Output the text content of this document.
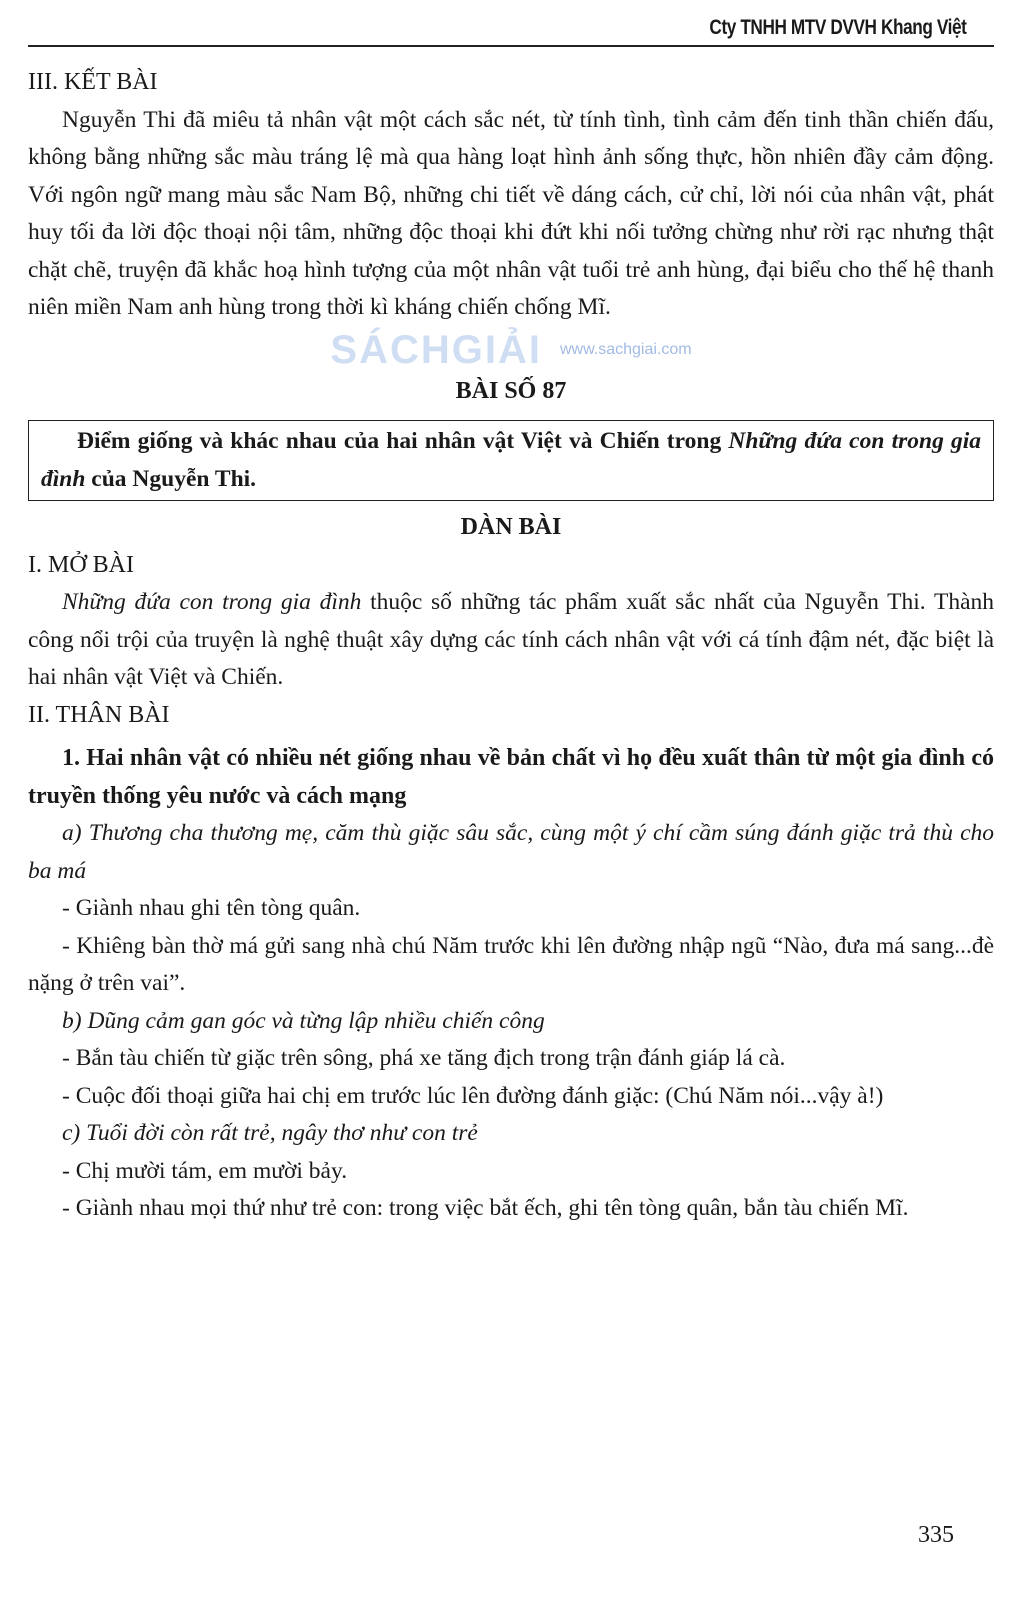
Cty TNHH MTV DVVH Khang Việt
III. KẾT BÀI

Nguyễn Thi đã miêu tả nhân vật một cách sắc nét, từ tính tình, tình cảm đến tinh thần chiến đấu, không bằng những sắc màu tráng lệ mà qua hàng loạt hình ảnh sống thực, hồn nhiên đầy cảm động. Với ngôn ngữ mang màu sắc Nam Bộ, những chi tiết về dáng cách, cử chỉ, lời nói của nhân vật, phát huy tối đa lời độc thoại nội tâm, những độc thoại khi đứt khi nối tưởng chừng như rời rạc nhưng thật chặt chẽ, truyện đã khắc hoạ hình tượng của một nhân vật tuổi trẻ anh hùng, đại biểu cho thế hệ thanh niên miền Nam anh hùng trong thời kì kháng chiến chống Mĩ.

SÁCHGIẢI www.sachgiai.com
BÀI SỐ 87

Điểm giống và khác nhau của hai nhân vật Việt và Chiến trong Những đứa con trong gia đình của Nguyễn Thi.

DÀN BÀI
I. MỞ BÀI

Những đứa con trong gia đình thuộc số những tác phẩm xuất sắc nhất của Nguyễn Thi. Thành công nổi trội của truyện là nghệ thuật xây dựng các tính cách nhân vật với cá tính đậm nét, đặc biệt là hai nhân vật Việt và Chiến.

II. THÂN BÀI

1. Hai nhân vật có nhiều nét giống nhau về bản chất vì họ đều xuất thân từ một gia đình có truyền thống yêu nước và cách mạng

a) Thương cha thương mẹ, căm thù giặc sâu sắc, cùng một ý chí cầm súng đánh giặc trả thù cho ba má

- Giành nhau ghi tên tòng quân.

- Khiêng bàn thờ má gửi sang nhà chú Năm trước khi lên đường nhập ngũ “Nào, đưa má sang...đè nặng ở trên vai”.

b) Dũng cảm gan góc và từng lập nhiều chiến công

- Bắn tàu chiến từ giặc trên sông, phá xe tăng địch trong trận đánh giáp lá cà.

- Cuộc đối thoại giữa hai chị em trước lúc lên đường đánh giặc: (Chú Năm nói...vậy à!)

c) Tuổi đời còn rất trẻ, ngây thơ như con trẻ

- Chị mười tám, em mười bảy.

- Giành nhau mọi thứ như trẻ con: trong việc bắt ếch, ghi tên tòng quân, bắn tàu chiến Mĩ.

335
